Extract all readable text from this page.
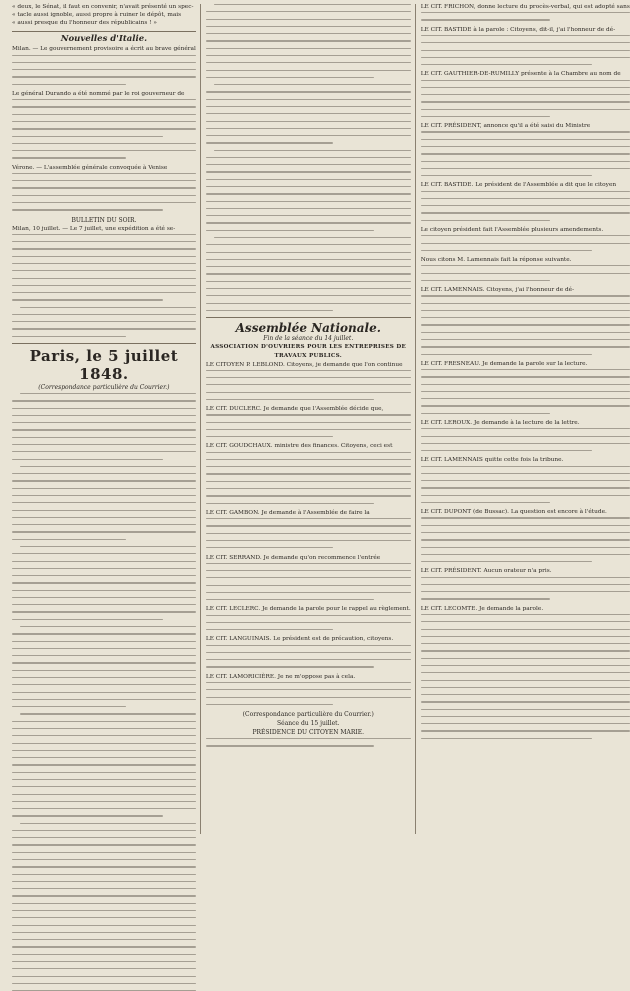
« deux, le Sénat, il faut en convenir, n'avait présenté un spec-
« tacle aussi ignoble, aussi propre à ruiner le dépôt, mais
« aussi presque du l'honneur des républicains ! »
Nouvelles d'Italie.
Milan. — Le gouvernement provisoire a écrit au brave général
Le général Durando a été nommé par le roi gouverneur de
Vérone. — L'assemblée générale convoquée à Venise
BULLETIN DU SOIR.
Milan, 10 juillet. — Le 7 juillet, une expédition a été se-
Paris, le 5 juillet 1848.
(Correspondance particulière du Courrier.)
Assemblée Nationale.
Fin de la séance du 14 juillet.
ASSOCIATION D'OUVRIERS POUR LES ENTREPRISES DE
TRAVAUX PUBLICS.
LE CITOYEN P. LEBLOND. Citoyens, je demande que l'on continue
LE CIT. DUCLERC. Je demande que l'Assemblée décide que,
LE CIT. GOUDCHAUX. ministre des finances. Citoyens, ceci est
LE CIT. GAMBON. Je demande à l'Assemblée de faire la
LE CIT. SERRAND. Je demande qu'on recommence l'entrée
LE CIT. LECLERC. Je demande la parole pour le rappel au règlement.
LE CIT. LANGUINAIS. Le président est de précaution, citoyens.
LE CIT. LAMORICIÈRE. Je ne m'oppose pas à cela.
(Correspondance particulière du Courrier.)
Séance du 15 juillet.
PRÉSIDENCE DU CITOYEN MARIE.
LE CIT. FRICHON, donne lecture du procès-verbal, qui est adopté sans
LE CIT. BASTIDE à la parole : Citoyens, dit-il, j'ai l'honneur de dé-
LE CIT. GAUTHIER-DE-RUMILLY présente à la Chambre au nom de
LE CIT. PRÉSIDENT, annonce qu'il a été saisi du Ministre
LE CIT. BASTIDE. Le président de l'Assemblée a dit que le citoyen
Le citoyen président fait l'Assemblée plusieurs amendements.
Nous citons M. Lamennais fait la réponse suivante.
LE CIT. LAMENNAIS. Citoyens, j'ai l'honneur de dé-
LE CIT. FRESNEAU. Je demande la parole sur la lecture.
LE CIT. LEROUX. Je demande à la lecture de la lettre.
LE CIT. LAMENNAIS quitte cette fois la tribune.
LE CIT. DUPONT (de Bussac). La question est encore à l'étude.
LE CIT. PRÉSIDENT. Aucun orateur n'a pris.
LE CIT. LECOMTE. Je demande la parole.
